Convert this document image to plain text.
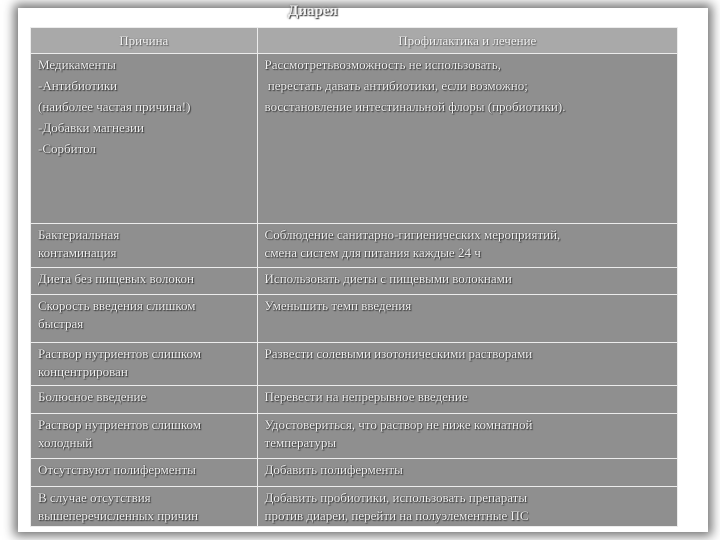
Диарея
Причина	Профилактика и лечение

Медикаменты
-Антибиотики
(наиболее частая причина!)
-Добавки магнезии
-Сорбитол	Рассмотретьвозможность не использовать,
перестать давать антибиотики, если возможно;
восстановление интестинальной флоры (пробиотики).

Бактериальная
контаминация	Соблюдение санитарно-гигиенических мероприятий,
смена систем для питания каждые 24 ч

Диета без пищевых волокон	Использовать диеты с пищевыми волокнами

Скорость введения слишком
быстрая	Уменьшить темп введения

Раствор нутриентов слишком
концентрирован	Развести солевыми изотоническими растворами

Болюсное введение	Перевести на непрерывное введение

Раствор нутриентов слишком
холодный	Удостовериться, что раствор не ниже комнатной
температуры

Отсутствуют полиферменты	Добавить полиферменты

В случае отсутствия
вышеперечисленных причин	Добавить пробиотики, использовать препараты
против диареи, перейти на полуэлементные ПС
